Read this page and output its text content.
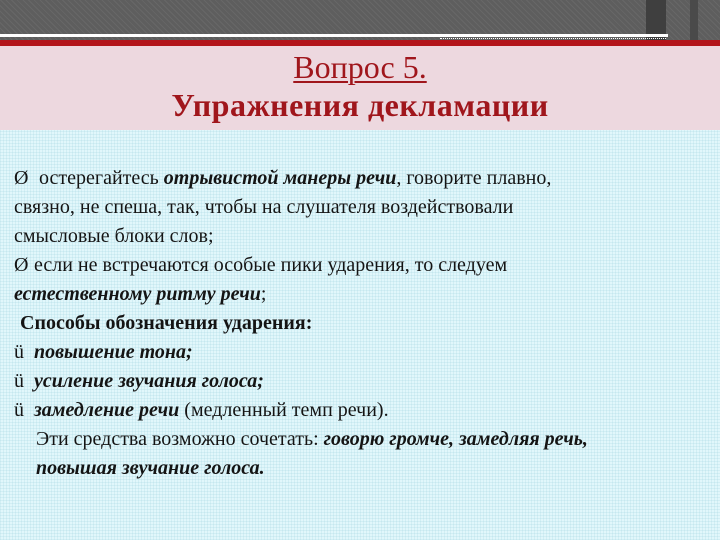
Вопрос 5.
Упражнения декламации
Ø остерегайтесь отрывистой манеры речи, говорите плавно,
связно, не спеша, так, чтобы на слушателя воздействовали
смысловые блоки слов;
Ø если не встречаются особые пики ударения, то следуем
естественному ритму речи;
Способы обозначения ударения:
ü повышение тона;
ü усиление звучания голоса;
ü замедление речи (медленный темп речи).
Эти средства возможно сочетать: говорю громче, замедляя речь,
повышая звучание голоса.
